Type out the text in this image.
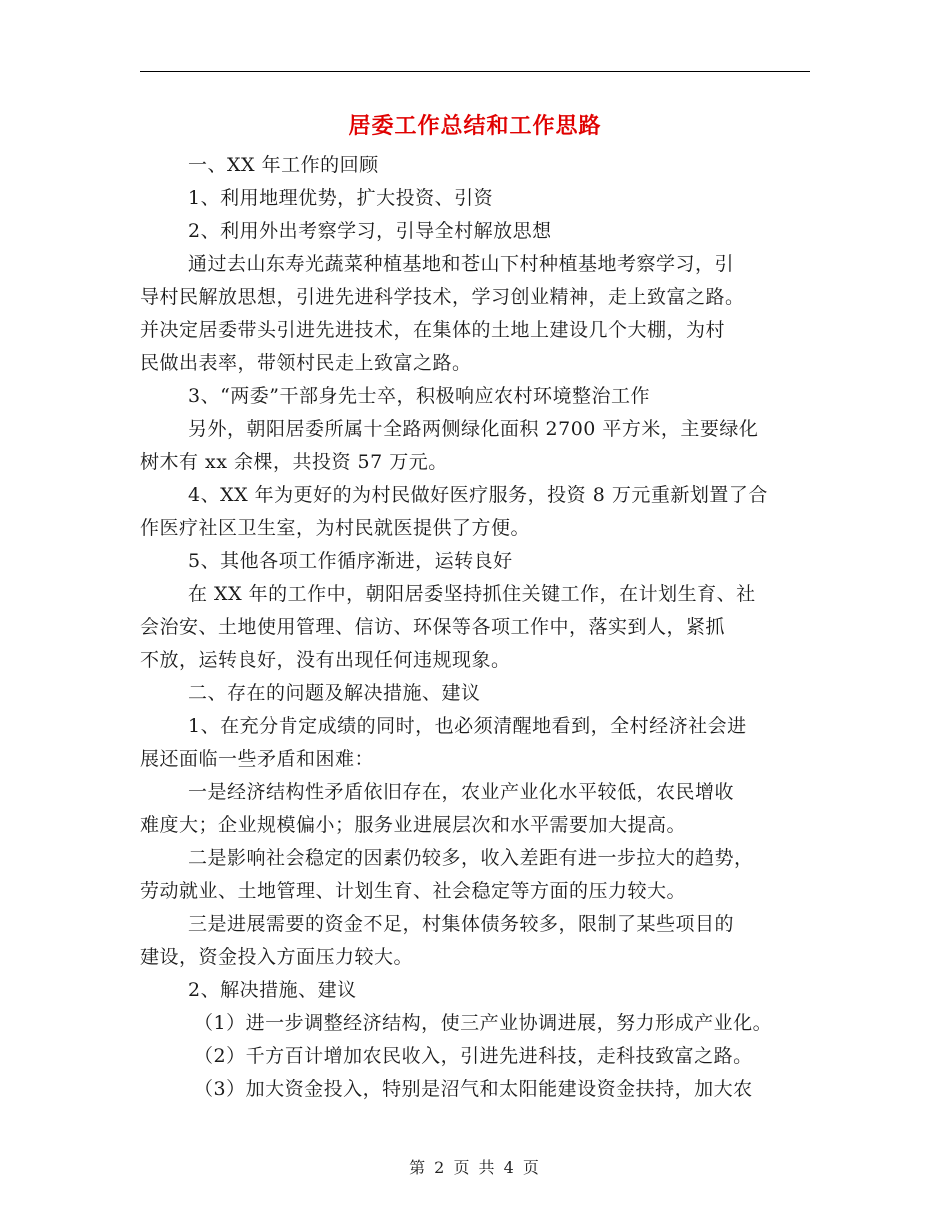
居委工作总结和工作思路
一、XX 年工作的回顾
1、利用地理优势，扩大投资、引资
2、利用外出考察学习，引导全村解放思想
通过去山东寿光蔬菜种植基地和苍山下村种植基地考察学习，引
导村民解放思想，引进先进科学技术，学习创业精神，走上致富之路。
并决定居委带头引进先进技术，在集体的土地上建设几个大棚，为村
民做出表率，带领村民走上致富之路。
3、“两委”干部身先士卒，积极响应农村环境整治工作
另外，朝阳居委所属十全路两侧绿化面积 2700 平方米，主要绿化
树木有 xx 余棵，共投资 57 万元。
4、XX 年为更好的为村民做好医疗服务，投资 8 万元重新划置了合
作医疗社区卫生室，为村民就医提供了方便。
5、其他各项工作循序渐进，运转良好
在 XX 年的工作中，朝阳居委坚持抓住关键工作，在计划生育、社
会治安、土地使用管理、信访、环保等各项工作中，落实到人，紧抓
不放，运转良好，没有出现任何违规现象。
二、存在的问题及解决措施、建议
1、在充分肯定成绩的同时，也必须清醒地看到，全村经济社会进
展还面临一些矛盾和困难：
一是经济结构性矛盾依旧存在，农业产业化水平较低，农民增收
难度大；企业规模偏小；服务业进展层次和水平需要加大提高。
二是影响社会稳定的因素仍较多，收入差距有进一步拉大的趋势，
劳动就业、土地管理、计划生育、社会稳定等方面的压力较大。
三是进展需要的资金不足，村集体债务较多，限制了某些项目的
建设，资金投入方面压力较大。
2、解决措施、建议
（1）进一步调整经济结构，使三产业协调进展，努力形成产业化。
（2）千方百计增加农民收入，引进先进科技，走科技致富之路。
（3）加大资金投入，特别是沼气和太阳能建设资金扶持，加大农
第 2 页 共 4 页
